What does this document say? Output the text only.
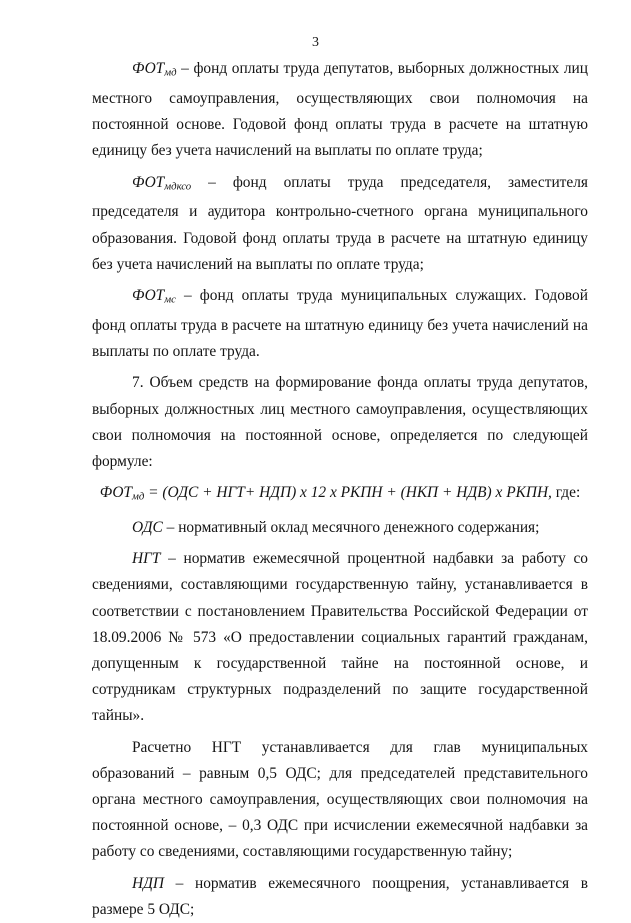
3

$ФОТ_{мд}$ – фонд оплаты труда депутатов, выборных должностных лиц местного самоуправления, осуществляющих свои полномочия на постоянной основе. Годовой фонд оплаты труда в расчете на штатную единицу без учета начислений на выплаты по оплате труда;

$ФОТ_{мдксо}$ – фонд оплаты труда председателя, заместителя председателя и аудитора контрольно-счетного органа муниципального образования. Годовой фонд оплаты труда в расчете на штатную единицу без учета начислений на выплаты по оплате труда;

$ФОТ_{мс}$ – фонд оплаты труда муниципальных служащих. Годовой фонд оплаты труда в расчете на штатную единицу без учета начислений на выплаты по оплате труда.

7. Объем средств на формирование фонда оплаты труда депутатов, выборных должностных лиц местного самоуправления, осуществляющих свои полномочия на постоянной основе, определяется по следующей формуле:

$ФОТ_{мд} = (ОДС + НГТ+ НДП)$ х 12 х РКПН + (НКП + НДВ) х РКПН, где:

ОДС – нормативный оклад месячного денежного содержания;

НГТ – норматив ежемесячной процентной надбавки за работу со сведениями, составляющими государственную тайну, устанавливается в соответствии с постановлением Правительства Российской Федерации от 18.09.2006 № 573 «О предоставлении социальных гарантий гражданам, допущенным к государственной тайне на постоянной основе, и сотрудникам структурных подразделений по защите государственной тайны».

Расчетно НГТ устанавливается для глав муниципальных образований – равным 0,5 ОДС; для председателей представительного органа местного самоуправления, осуществляющих свои полномочия на постоянной основе, – 0,3 ОДС при исчислении ежемесячной надбавки за работу со сведениями, составляющими государственную тайну;

НДП – норматив ежемесячного поощрения, устанавливается в размере 5 ОДС;
